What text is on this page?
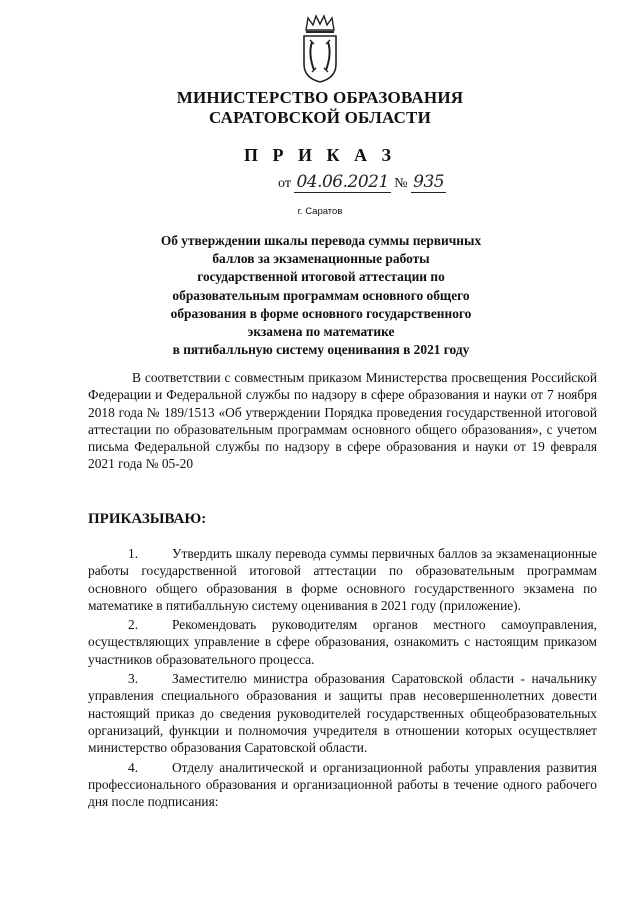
МИНИСТЕРСТВО ОБРАЗОВАНИЯ
САРАТОВСКОЙ ОБЛАСТИ
П Р И К А З
от 04.06.2021 № 935
г. Саратов
Об утверждении шкалы перевода суммы первичных
баллов за экзаменационные работы
государственной итоговой аттестации по
образовательным программам основного общего
образования в форме основного государственного
экзамена по математике
в пятибалльную систему оценивания в 2021 году
В соответствии с совместным приказом Министерства просвещения Российской Федерации и Федеральной службы по надзору в сфере образования и науки от 7 ноября 2018 года № 189/1513 «Об утверждении Порядка проведения государственной итоговой аттестации по образовательным программам основного общего образования», с учетом письма Федеральной службы по надзору в сфере образования и науки от 19 февраля 2021 года № 05-20
ПРИКАЗЫВАЮ:

1.	Утвердить шкалу перевода суммы первичных баллов за экзаменационные работы государственной итоговой аттестации по образовательным программам основного общего образования в форме основного государственного экзамена по математике в пятибалльную систему оценивания в 2021 году (приложение).

2.	Рекомендовать руководителям органов местного самоуправления, осуществляющих управление в сфере образования, ознакомить с настоящим приказом участников образовательного процесса.

3.	Заместителю министра образования Саратовской области - начальнику управления специального образования и защиты прав несовершеннолетних довести настоящий приказ до сведения руководителей государственных общеобразовательных организаций, функции и полномочия учредителя в отношении которых осуществляет министерство образования Саратовской области.

4.	Отделу аналитической и организационной работы управления развития профессионального образования и организационной работы в течение одного рабочего дня после подписания:
